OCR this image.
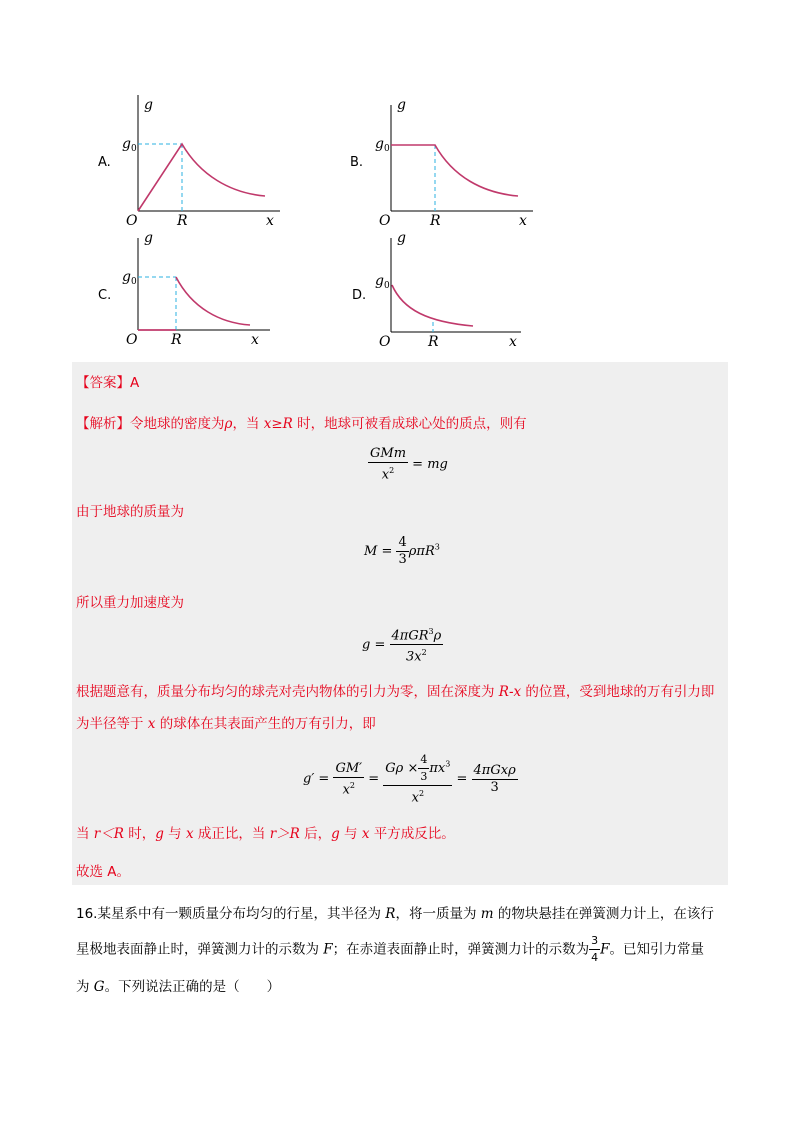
A.
g
g 0
O	R	x
B.
g
g 0
O	R	x
C.
g
g 0
O R	x
D.
g
g 0
O	R	x
【答案】A
【解析】令地球的密度为ρ，当 x≥R 时，地球可被看成球心处的质点，则有
$\frac{\text{GMm}}{x^2}$ = mg
由于地球的质量为
$M = \frac{4}{3} \rho\pi R^3$
所以重力加速度为
$g = \frac{4\pi GR^3\rho}{3x^2}$
根据题意有，质量分布均匀的球壳对壳内物体的引力为零，固在深度为 R-x 的位置，受到地球的万有引力即
为半径等于 x 的球体在其表面产生的万有引力，即
$g' = \frac{GM'}{x^2} = \frac{G\rho \times \frac{4}{3} \pi x^3}{x^2} = \frac{\text{4πGxρ}}{3}$
当 r＜R 时，g 与 x 成正比，当 r＞R 后，g 与 x 平方成反比。
故选 A。
16.某星系中有一颗质量分布均匀的行星，其半径为 R，将一质量为 m 的物块悬挂在弹簧测力计上，在该行
星极地表面静止时，弹簧测力计的示数为 F；在赤道表面静止时，弹簧测力计的示数为 $\frac{3}{4}$ F。已知引力常量
为 G。下列说法正确的是（　　）
